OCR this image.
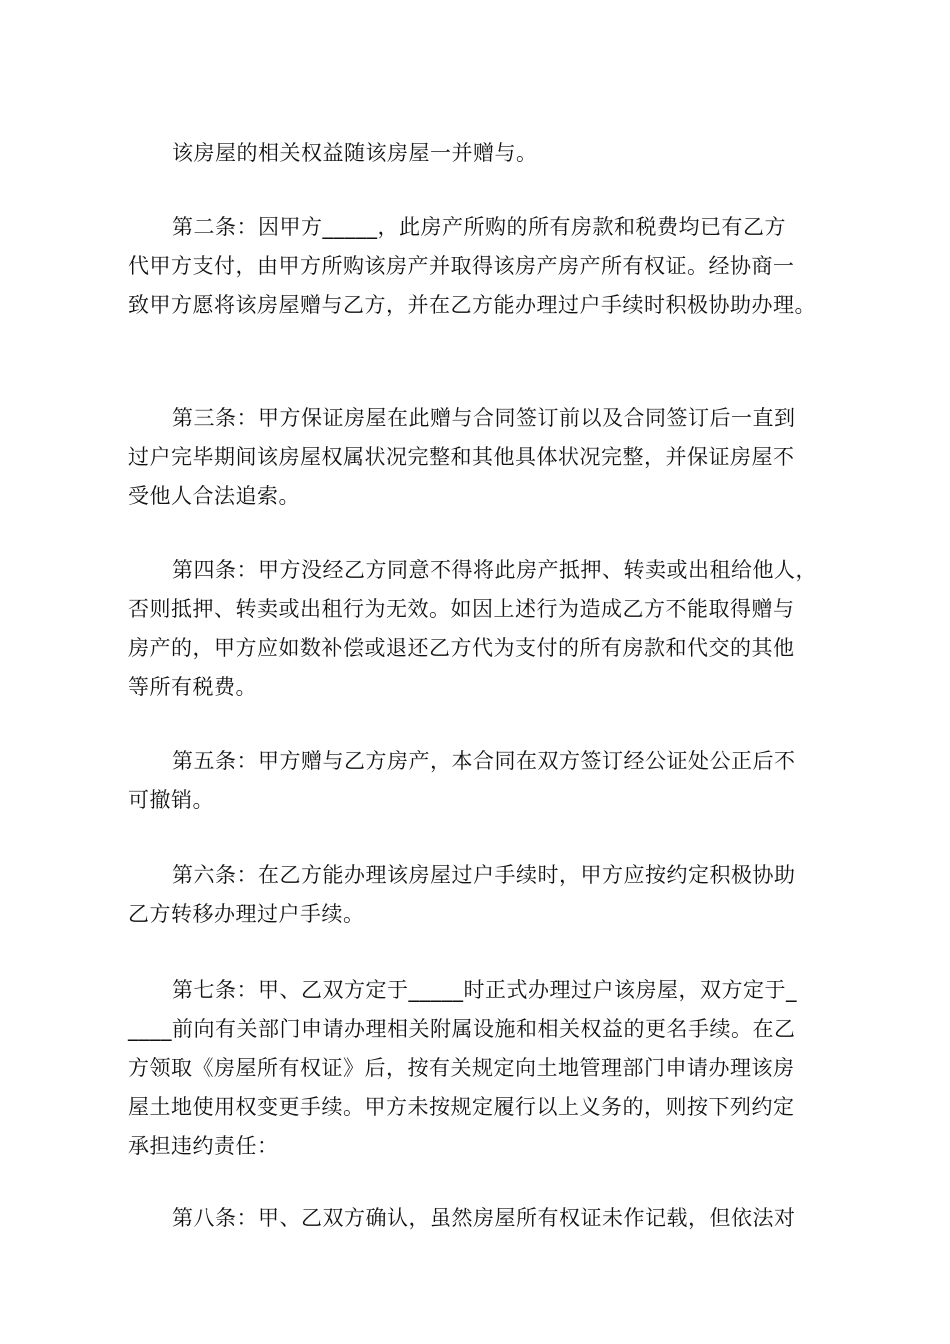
该房屋的相关权益随该房屋一并赠与。

第二条：因甲方_____，此房产所购的所有房款和税费均已有乙方
代甲方支付，由甲方所购该房产并取得该房产房产所有权证。经协商一
致甲方愿将该房屋赠与乙方，并在乙方能办理过户手续时积极协助办理。

第三条：甲方保证房屋在此赠与合同签订前以及合同签订后一直到
过户完毕期间该房屋权属状况完整和其他具体状况完整，并保证房屋不
受他人合法追索。

第四条：甲方没经乙方同意不得将此房产抵押、转卖或出租给他人，
否则抵押、转卖或出租行为无效。如因上述行为造成乙方不能取得赠与
房产的，甲方应如数补偿或退还乙方代为支付的所有房款和代交的其他
等所有税费。

第五条：甲方赠与乙方房产，本合同在双方签订经公证处公正后不
可撤销。

第六条：在乙方能办理该房屋过户手续时，甲方应按约定积极协助
乙方转移办理过户手续。

第七条：甲、乙双方定于_____时正式办理过户该房屋，双方定于_
____前向有关部门申请办理相关附属设施和相关权益的更名手续。在乙
方领取《房屋所有权证》后，按有关规定向土地管理部门申请办理该房
屋土地使用权变更手续。甲方未按规定履行以上义务的，则按下列约定
承担违约责任：

第八条：甲、乙双方确认，虽然房屋所有权证未作记载，但依法对
